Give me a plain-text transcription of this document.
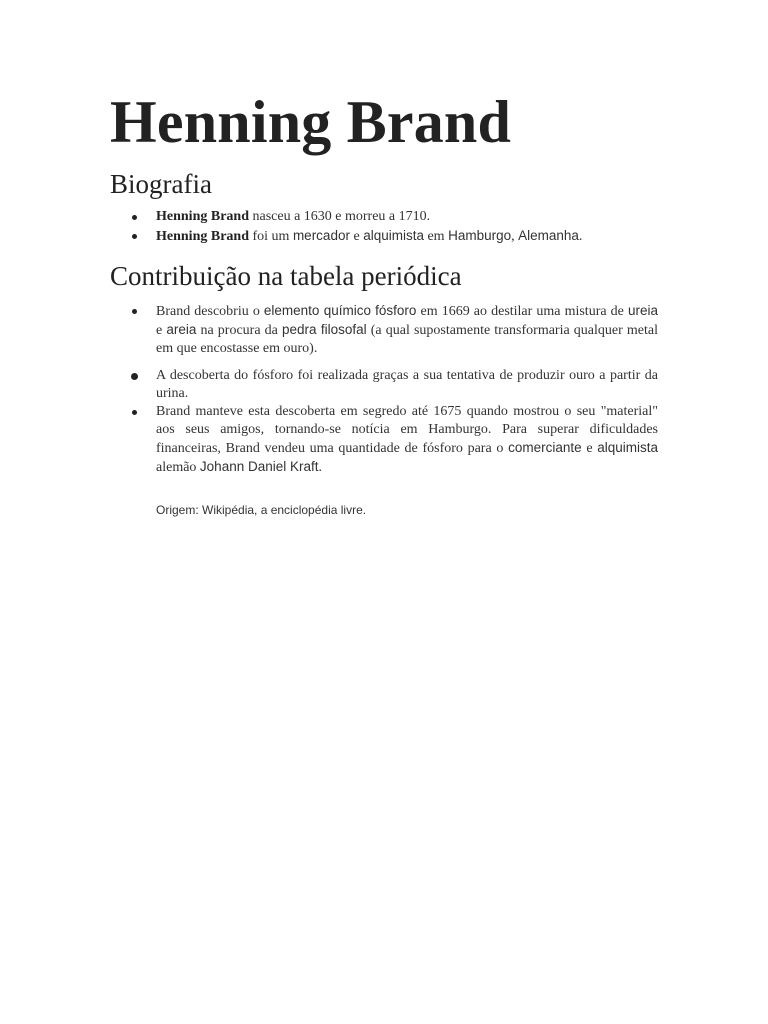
Henning Brand
Biografia
Henning Brand nasceu a 1630 e morreu a 1710.
Henning Brand foi um mercador e alquimista em Hamburgo, Alemanha.
Contribuição na tabela periódica
Brand descobriu o elemento químico fósforo em 1669 ao destilar uma mistura de ureia e areia na procura da pedra filosofal (a qual supostamente transformaria qualquer metal em que encostasse em ouro).
A descoberta do fósforo foi realizada graças a sua tentativa de produzir ouro a partir da urina.
Brand manteve esta descoberta em segredo até 1675 quando mostrou o seu "material" aos seus amigos, tornando-se notícia em Hamburgo. Para superar dificuldades financeiras, Brand vendeu uma quantidade de fósforo para o comerciante e alquimista alemão Johann Daniel Kraft.
Origem: Wikipédia, a enciclopédia livre.
